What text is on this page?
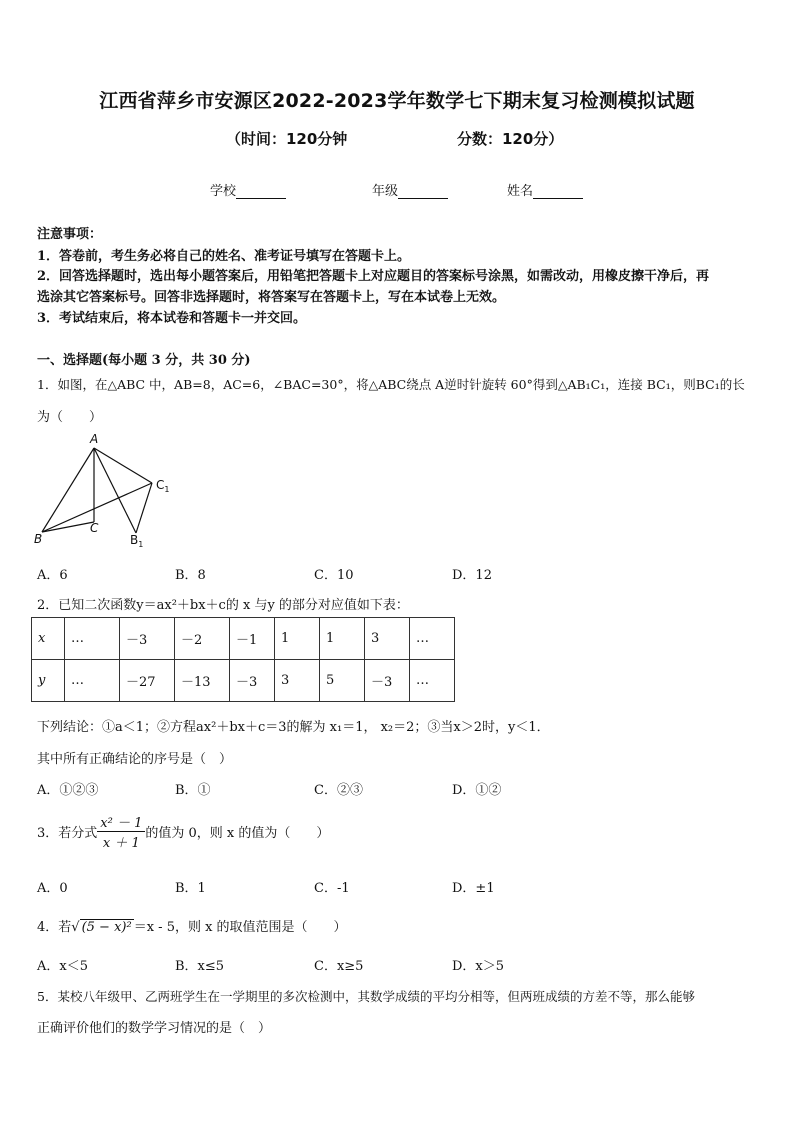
江西省萍乡市安源区2022-2023学年数学七下期末复习检测模拟试题
（时间：120分钟	分数：120分）
学校	年级	姓名
注意事项：
1．答卷前，考生务必将自己的姓名、准考证号填写在答题卡上。
2．回答选择题时，选出每小题答案后，用铅笔把答题卡上对应题目的答案标号涂黑，如需改动，用橡皮擦干净后，再
选涂其它答案标号。回答非选择题时，将答案写在答题卡上，写在本试卷上无效。
3．考试结束后，将本试卷和答题卡一并交回。
一、选择题(每小题 3 分，共 30 分)
1．如图，在△ABC 中，AB=8，AC=6，∠BAC=30°，将△ABC绕点 A逆时针旋转 60°得到△AB₁C₁，连接 BC₁，则BC₁的长
为（　　）
A
B
C
$C_1$
$B_1$
A．6	B．8	C．10	D．12
2．已知二次函数y＝ax²＋bx＋c的 x 与y 的部分对应值如下表：
x	…	－3	－2	－1	1	1	3	…
y	…	－27	－13	－3	3	5	－3	…
下列结论：①a＜1；②方程ax²＋bx＋c＝3的解为 x₁＝1， x₂＝2；③当x＞2时，y＜1．
其中所有正确结论的序号是（　）
A．①②③	B．①	C．②③	D．①②
3．若分式 $\frac{\text{x² － 1}}{x + 1}$ 的值为 0，则 x 的值为（　　）
A．0	B．1	C．-1	D．±1
4．若√ (5 − x)² ＝x - 5，则 x 的取值范围是（　　）
A．x＜5	B．x≤5	C．x≥5	D．x＞5
5．某校八年级甲、乙两班学生在一学期里的多次检测中，其数学成绩的平均分相等，但两班成绩的方差不等，那么能够
正确评价他们的数学学习情况的是（　）
